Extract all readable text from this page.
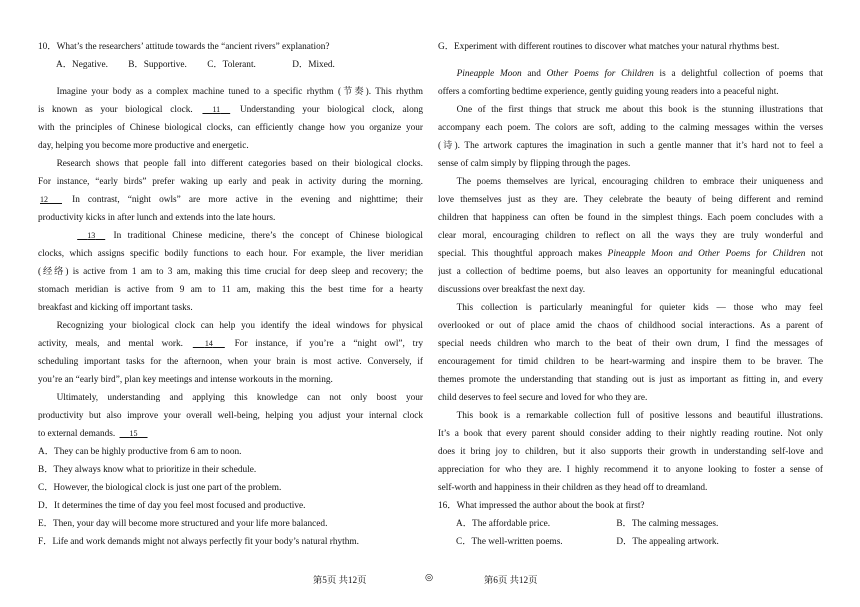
10．What’s the researchers’ attitude towards the “ancient rivers” explanation?
A．Negative. B．Supportive. C．Tolerant.	D．Mixed.
Imagine your body as a complex machine tuned to a specific rhythm (节奏). This rhythm
is known as your biological clock. 11 Understanding your biological clock, along
with the principles of Chinese biological clocks, can efficiently change how you organize your
day, helping you become more productive and energetic.
Research shows that people fall into different categories based on their biological clocks.
For instance, “early birds” prefer waking up early and peak in activity during the morning.
12	In contrast, “night owls” are more active in the evening and nighttime; their
productivity kicks in after lunch and extends into the late hours.
13 In traditional Chinese medicine, there’s the concept of Chinese biological
clocks, which assigns specific bodily functions to each hour. For example, the liver meridian
(经络) is active from 1 am to 3 am, making this time crucial for deep sleep and recovery; the
stomach meridian is active from 9 am to 11 am, making this the best time for a hearty
breakfast and kicking off important tasks.
Recognizing your biological clock can help you identify the ideal windows for physical
activity, meals, and mental work.	14 For instance, if you’re a “night owl”, try
scheduling important tasks for the afternoon, when your brain is most active. Conversely, if
you’re an “early bird”, plan key meetings and intense workouts in the morning.
Ultimately, understanding and applying this knowledge can not only boost your
productivity but also improve your overall well-being, helping you adjust your internal clock
to external demands. 15
A．They can be highly productive from 6 am to noon.
B．They always know what to prioritize in their schedule.
C．However, the biological clock is just one part of the problem.
D．It determines the time of day you feel most focused and productive.
E．Then, your day will become more structured and your life more balanced.
F．Life and work demands might not always perfectly fit your body’s natural rhythm.
G．Experiment with different routines to discover what matches your natural rhythms best.
Pineapple Moon and Other Poems for Children is a delightful collection of poems that
offers a comforting bedtime experience, gently guiding young readers into a peaceful night.
One of the first things that struck me about this book is the stunning illustrations that
accompany each poem. The colors are soft, adding to the calming messages within the verses
(诗). The artwork captures the imagination in such a gentle manner that it’s hard not to feel a
sense of calm simply by flipping through the pages.
The poems themselves are lyrical, encouraging children to embrace their uniqueness and
love themselves just as they are. They celebrate the beauty of being different and remind
children that happiness can often be found in the simplest things. Each poem concludes with a
clear moral, encouraging children to reflect on all the ways they are truly wonderful and
special. This thoughtful approach makes Pineapple Moon and Other Poems for Children not
just a collection of bedtime poems, but also leaves an opportunity for meaningful educational
discussions over breakfast the next day.
This collection is particularly meaningful for quieter kids — those who may feel
overlooked or out of place amid the chaos of childhood social interactions. As a parent of
special needs children who march to the beat of their own drum, I find the messages of
encouragement for timid children to be heart-warming and inspire them to be braver. The
themes promote the understanding that standing out is just as important as fitting in, and every
child deserves to feel secure and loved for who they are.
This book is a remarkable collection full of positive lessons and beautiful illustrations.
It’s a book that every parent should consider adding to their nightly reading routine. Not only
does it bring joy to children, but it also supports their growth in understanding self-love and
appreciation for who they are. I highly recommend it to anyone looking to foster a sense of
self-worth and happiness in their children as they head off to dreamland.
16．What impressed the author about the book at first?
A．The affordable price.	B．The calming messages.
C．The well-written poems.	D．The appealing artwork.
第5页 共12页	◎	第6页 共12页
